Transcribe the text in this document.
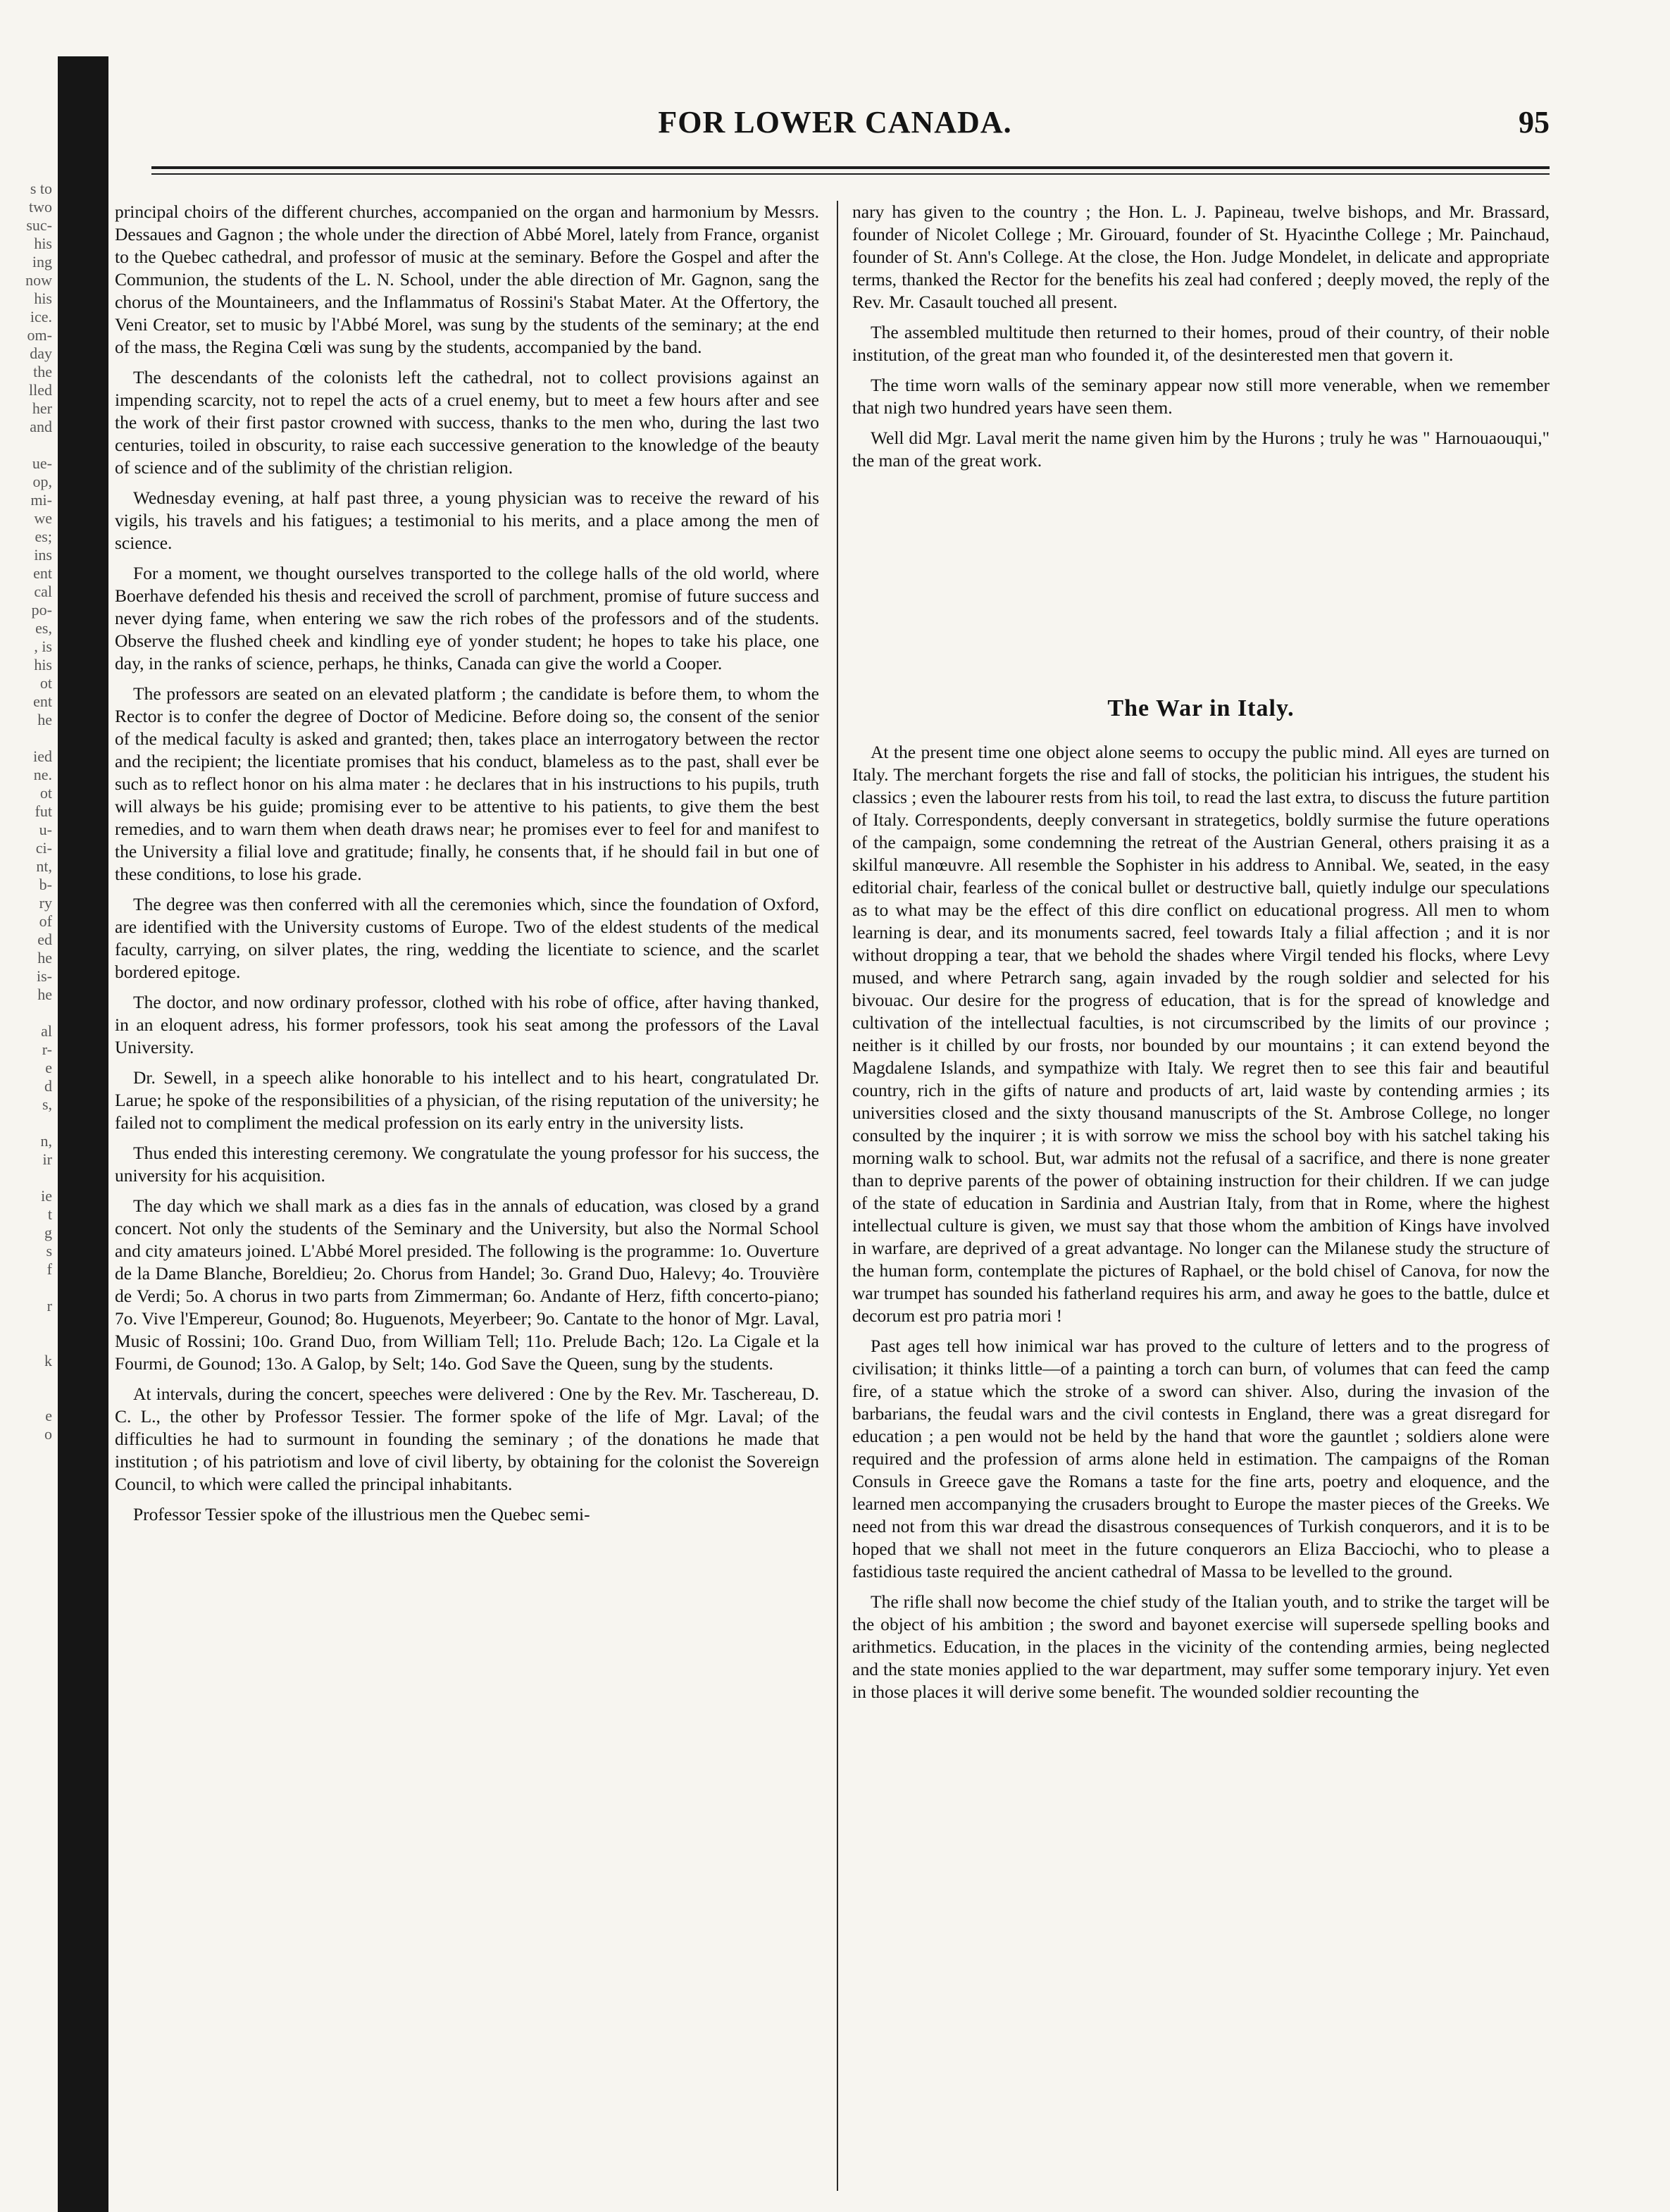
s to
two
suc-
his
ing
now
his
ice.
om-
day
the
lled
her
and
ue-
op,
mi-
we
es;
ins
ent
cal
po-
es,
, is
his
ot
ent
he
ied
ne.
ot
fut
u-
ci-
nt,
b-
ry
of
ed
he
is-
he
al
r-
e
d
s,
n,
ir
ie
t
g
s
f
r
k
e
o
FOR LOWER CANADA.	95

principal choirs of the different churches, accompanied on the organ and harmonium by Messrs. Dessaues and Gagnon ; the whole under the direction of Abbé Morel, lately from France, organist to the Quebec cathedral, and professor of music at the seminary. Before the Gospel and after the Communion, the students of the L. N. School, under the able direction of Mr. Gagnon, sang the chorus of the Mountaineers, and the Inflammatus of Rossini's Stabat Mater. At the Offertory, the Veni Creator, set to music by l'Abbé Morel, was sung by the students of the seminary; at the end of the mass, the Regina Cœli was sung by the students, accompanied by the band.

The descendants of the colonists left the cathedral, not to collect provisions against an impending scarcity, not to repel the acts of a cruel enemy, but to meet a few hours after and see the work of their first pastor crowned with success, thanks to the men who, during the last two centuries, toiled in obscurity, to raise each successive generation to the knowledge of the beauty of science and of the sublimity of the christian religion.

Wednesday evening, at half past three, a young physician was to receive the reward of his vigils, his travels and his fatigues; a testimonial to his merits, and a place among the men of science.

For a moment, we thought ourselves transported to the college halls of the old world, where Boerhave defended his thesis and received the scroll of parchment, promise of future success and never dying fame, when entering we saw the rich robes of the professors and of the students. Observe the flushed cheek and kindling eye of yonder student; he hopes to take his place, one day, in the ranks of science, perhaps, he thinks, Canada can give the world a Cooper.

The professors are seated on an elevated platform ; the candidate is before them, to whom the Rector is to confer the degree of Doctor of Medicine. Before doing so, the consent of the senior of the medical faculty is asked and granted; then, takes place an interrogatory between the rector and the recipient; the licentiate promises that his conduct, blameless as to the past, shall ever be such as to reflect honor on his alma mater : he declares that in his instructions to his pupils, truth will always be his guide; promising ever to be attentive to his patients, to give them the best remedies, and to warn them when death draws near; he promises ever to feel for and manifest to the University a filial love and gratitude; finally, he consents that, if he should fail in but one of these conditions, to lose his grade.

The degree was then conferred with all the ceremonies which, since the foundation of Oxford, are identified with the University customs of Europe. Two of the eldest students of the medical faculty, carrying, on silver plates, the ring, wedding the licentiate to science, and the scarlet bordered epitoge.

The doctor, and now ordinary professor, clothed with his robe of office, after having thanked, in an eloquent adress, his former professors, took his seat among the professors of the Laval University.

Dr. Sewell, in a speech alike honorable to his intellect and to his heart, congratulated Dr. Larue; he spoke of the responsibilities of a physician, of the rising reputation of the university; he failed not to compliment the medical profession on its early entry in the university lists.

Thus ended this interesting ceremony. We congratulate the young professor for his success, the university for his acquisition.

The day which we shall mark as a dies fas in the annals of education, was closed by a grand concert. Not only the students of the Seminary and the University, but also the Normal School and city amateurs joined. L'Abbé Morel presided. The following is the programme: 1o. Ouverture de la Dame Blanche, Boreldieu; 2o. Chorus from Handel; 3o. Grand Duo, Halevy; 4o. Trouvière de Verdi; 5o. A chorus in two parts from Zimmerman; 6o. Andante of Herz, fifth concerto-piano; 7o. Vive l'Empereur, Gounod; 8o. Huguenots, Meyerbeer; 9o. Cantate to the honor of Mgr. Laval, Music of Rossini; 10o. Grand Duo, from William Tell; 11o. Prelude Bach; 12o. La Cigale et la Fourmi, de Gounod; 13o. A Galop, by Selt; 14o. God Save the Queen, sung by the students.

At intervals, during the concert, speeches were delivered : One by the Rev. Mr. Taschereau, D. C. L., the other by Professor Tessier. The former spoke of the life of Mgr. Laval; of the difficulties he had to surmount in founding the seminary ; of the donations he made that institution ; of his patriotism and love of civil liberty, by obtaining for the colonist the Sovereign Council, to which were called the principal inhabitants.

Professor Tessier spoke of the illustrious men the Quebec semi-

nary has given to the country ; the Hon. L. J. Papineau, twelve bishops, and Mr. Brassard, founder of Nicolet College ; Mr. Girouard, founder of St. Hyacinthe College ; Mr. Painchaud, founder of St. Ann's College. At the close, the Hon. Judge Mondelet, in delicate and appropriate terms, thanked the Rector for the benefits his zeal had confered ; deeply moved, the reply of the Rev. Mr. Casault touched all present.

The assembled multitude then returned to their homes, proud of their country, of their noble institution, of the great man who founded it, of the desinterested men that govern it.

The time worn walls of the seminary appear now still more venerable, when we remember that nigh two hundred years have seen them.

Well did Mgr. Laval merit the name given him by the Hurons ; truly he was " Harnouaouqui," the man of the great work.

The War in Italy.

At the present time one object alone seems to occupy the public mind. All eyes are turned on Italy. The merchant forgets the rise and fall of stocks, the politician his intrigues, the student his classics ; even the labourer rests from his toil, to read the last extra, to discuss the future partition of Italy. Correspondents, deeply conversant in strategetics, boldly surmise the future operations of the campaign, some condemning the retreat of the Austrian General, others praising it as a skilful manœuvre. All resemble the Sophister in his address to Annibal. We, seated, in the easy editorial chair, fearless of the conical bullet or destructive ball, quietly indulge our speculations as to what may be the effect of this dire conflict on educational progress. All men to whom learning is dear, and its monuments sacred, feel towards Italy a filial affection ; and it is nor without dropping a tear, that we behold the shades where Virgil tended his flocks, where Levy mused, and where Petrarch sang, again invaded by the rough soldier and selected for his bivouac. Our desire for the progress of education, that is for the spread of knowledge and cultivation of the intellectual faculties, is not circumscribed by the limits of our province ; neither is it chilled by our frosts, nor bounded by our mountains ; it can extend beyond the Magdalene Islands, and sympathize with Italy. We regret then to see this fair and beautiful country, rich in the gifts of nature and products of art, laid waste by contending armies ; its universities closed and the sixty thousand manuscripts of the St. Ambrose College, no longer consulted by the inquirer ; it is with sorrow we miss the school boy with his satchel taking his morning walk to school. But, war admits not the refusal of a sacrifice, and there is none greater than to deprive parents of the power of obtaining instruction for their children. If we can judge of the state of education in Sardinia and Austrian Italy, from that in Rome, where the highest intellectual culture is given, we must say that those whom the ambition of Kings have involved in warfare, are deprived of a great advantage. No longer can the Milanese study the structure of the human form, contemplate the pictures of Raphael, or the bold chisel of Canova, for now the war trumpet has sounded his fatherland requires his arm, and away he goes to the battle, dulce et decorum est pro patria mori !

Past ages tell how inimical war has proved to the culture of letters and to the progress of civilisation; it thinks little—of a painting a torch can burn, of volumes that can feed the camp fire, of a statue which the stroke of a sword can shiver. Also, during the invasion of the barbarians, the feudal wars and the civil contests in England, there was a great disregard for education ; a pen would not be held by the hand that wore the gauntlet ; soldiers alone were required and the profession of arms alone held in estimation. The campaigns of the Roman Consuls in Greece gave the Romans a taste for the fine arts, poetry and eloquence, and the learned men accompanying the crusaders brought to Europe the master pieces of the Greeks. We need not from this war dread the disastrous consequences of Turkish conquerors, and it is to be hoped that we shall not meet in the future conquerors an Eliza Bacciochi, who to please a fastidious taste required the ancient cathedral of Massa to be levelled to the ground.

The rifle shall now become the chief study of the Italian youth, and to strike the target will be the object of his ambition ; the sword and bayonet exercise will supersede spelling books and arithmetics. Education, in the places in the vicinity of the contending armies, being neglected and the state monies applied to the war department, may suffer some temporary injury. Yet even in those places it will derive some benefit. The wounded soldier recounting the
